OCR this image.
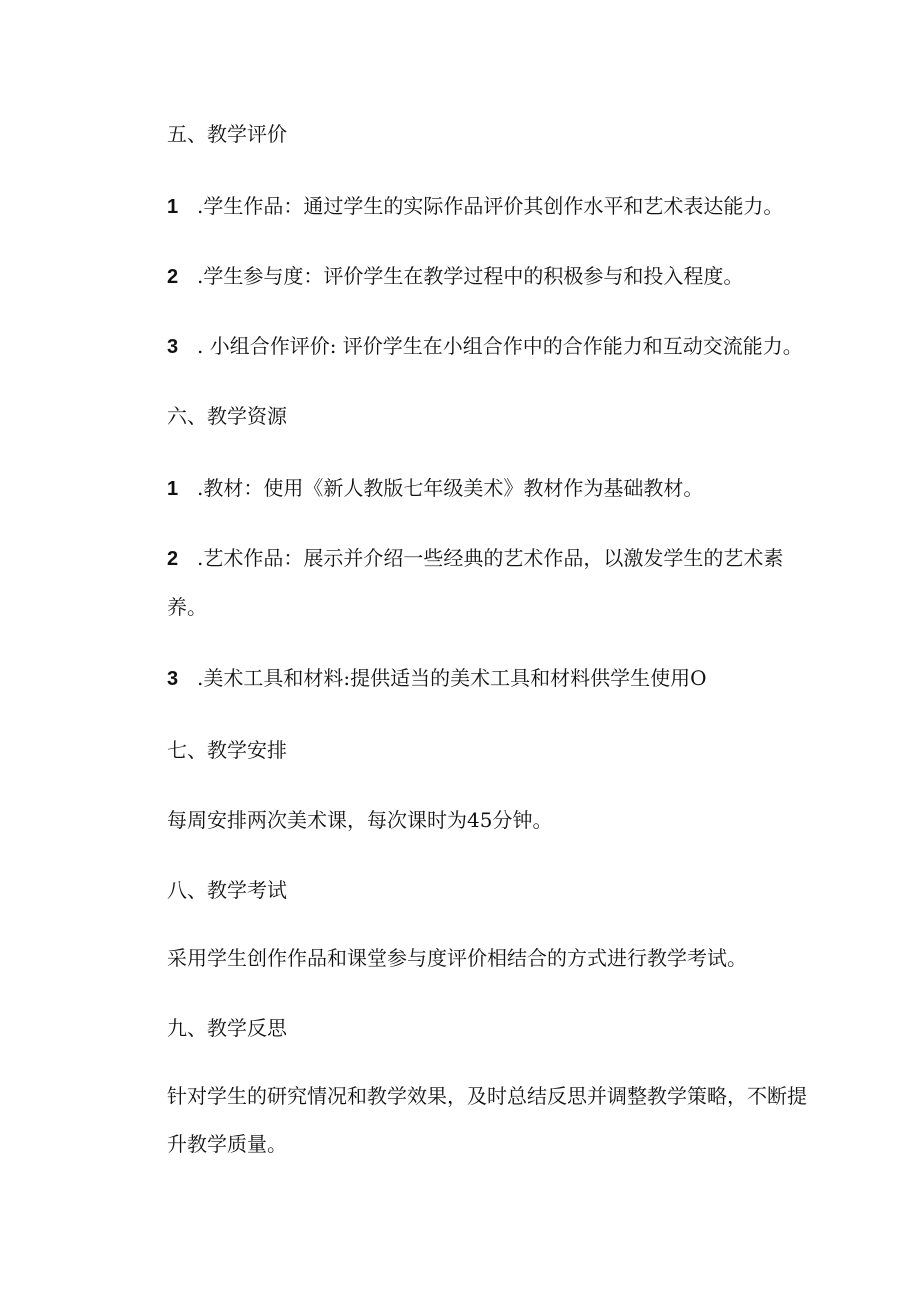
五、教学评价
1 .学生作品：通过学生的实际作品评价其创作水平和艺术表达能力。
2 .学生参与度：评价学生在教学过程中的积极参与和投入程度。
3 . 小组合作评价: 评价学生在小组合作中的合作能力和互动交流能力。
六、教学资源
1 .教材：使用《新人教版七年级美术》教材作为基础教材。
2 .艺术作品：展示并介绍一些经典的艺术作品，以激发学生的艺术素养。
3 .美术工具和材料:提供适当的美术工具和材料供学生使用O
七、教学安排
每周安排两次美术课，每次课时为45分钟。
八、教学考试
采用学生创作作品和课堂参与度评价相结合的方式进行教学考试。
九、教学反思
针对学生的研究情况和教学效果，及时总结反思并调整教学策略，不断提升教学质量。
